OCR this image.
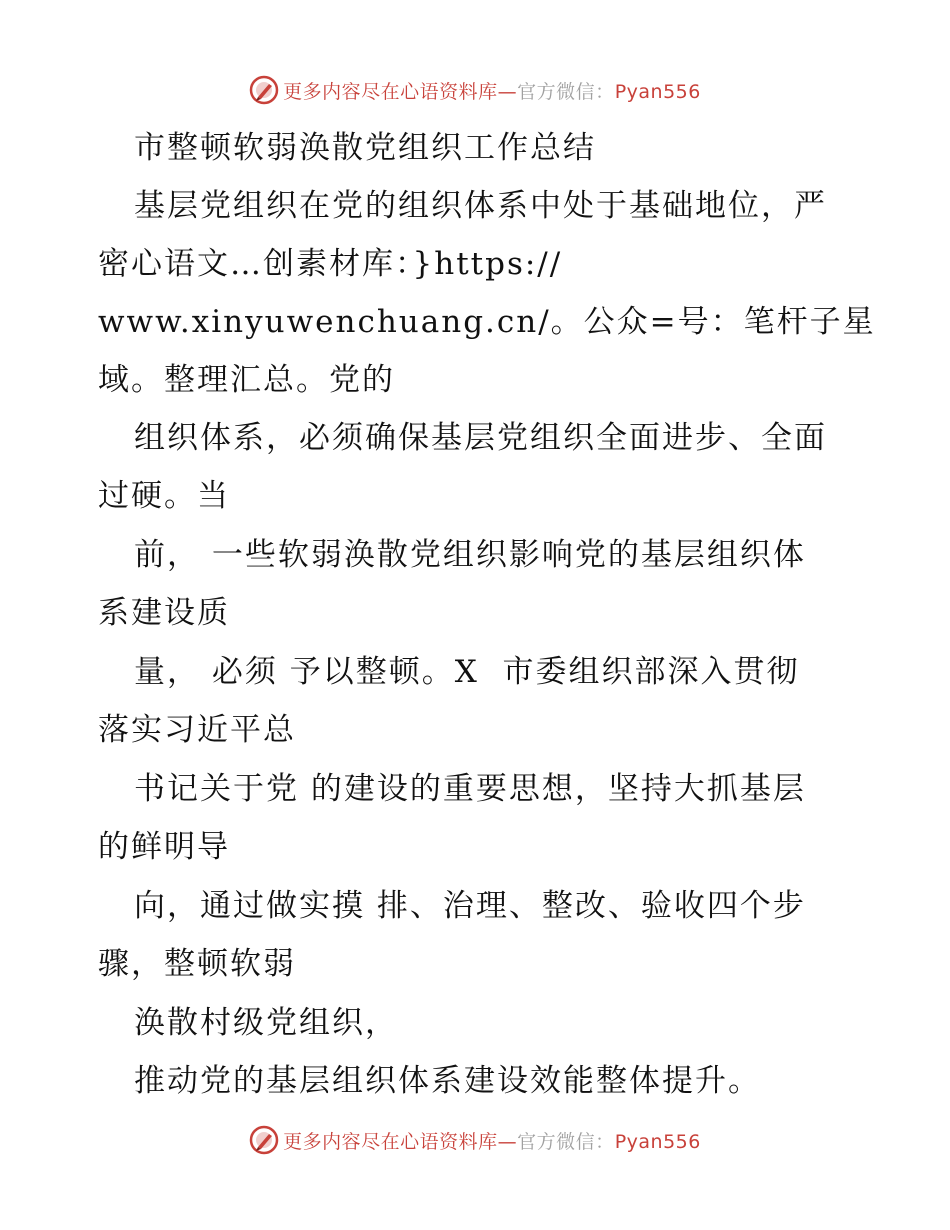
更多内容尽在心语资料库—官方微信：Pyan556
市整顿软弱涣散党组织工作总结
基层党组织在党的组织体系中处于基础地位，严
密心语文…创素材库：}https://
www.xinyuwenchuang.cn/。公众=号：笔杆子星
域。整理汇总。党的
组织体系，必须确保基层党组织全面进步、全面
过硬。当
前， 一些软弱涣散党组织影响党的基层组织体
系建设质
量， 必须 予以整顿。X  市委组织部深入贯彻
落实习近平总
书记关于党 的建设的重要思想，坚持大抓基层
的鲜明导
向，通过做实摸 排、治理、整改、验收四个步
骤，整顿软弱
涣散村级党组织，
推动党的基层组织体系建设效能整体提升。
更多内容尽在心语资料库—官方微信：Pyan556
